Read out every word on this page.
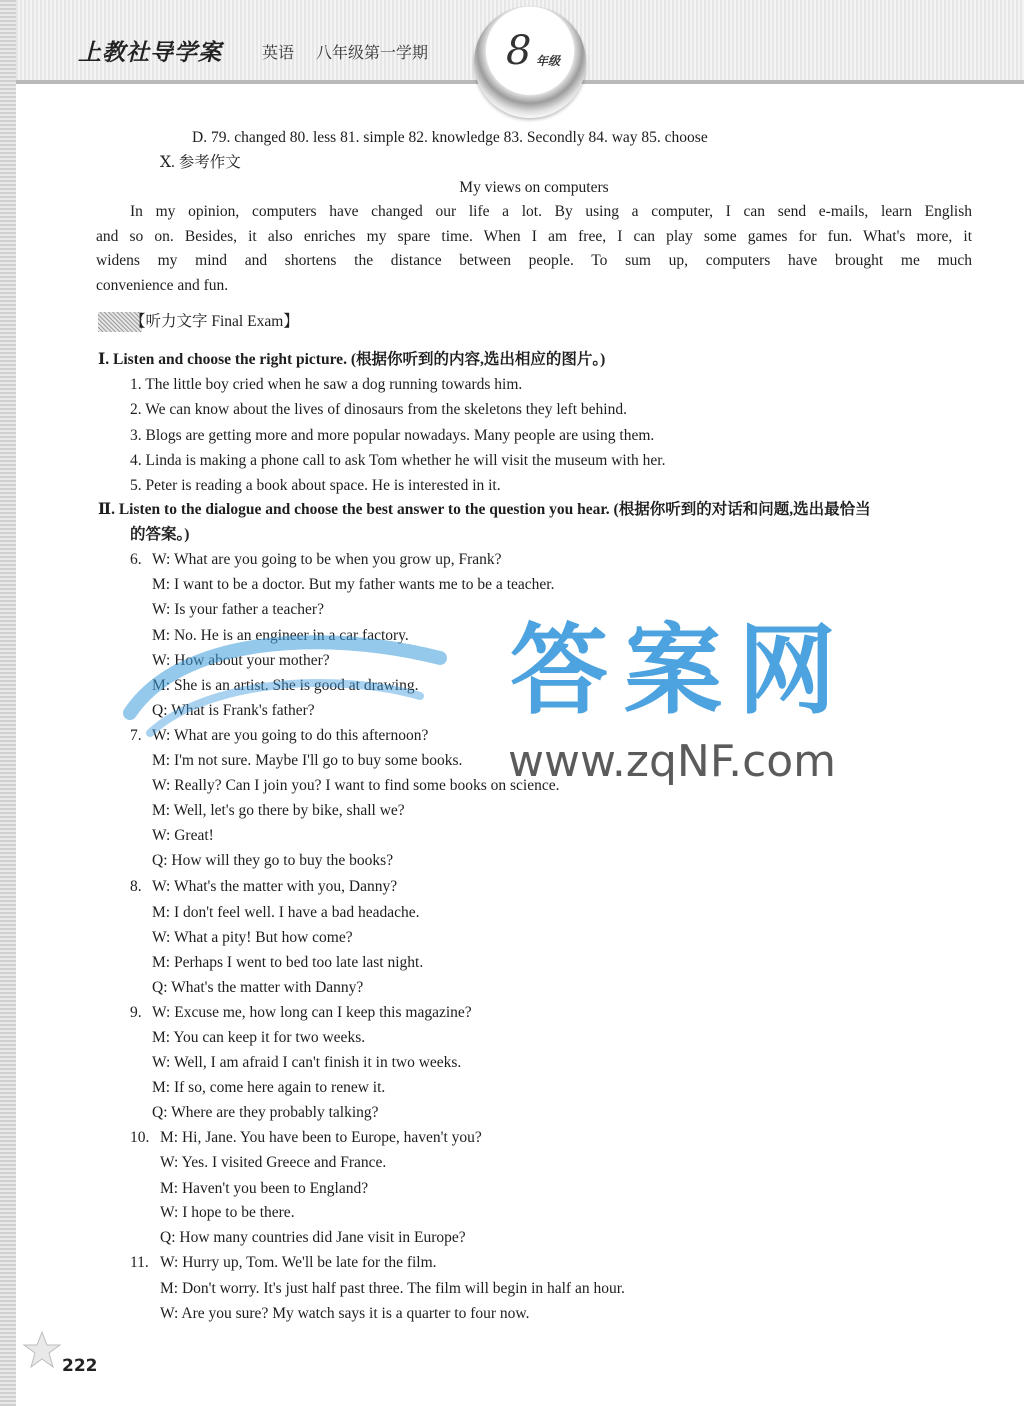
上教社导学案	英语 八年级第一学期 8 年级
D. 79. changed 80. less 81. simple 82. knowledge 83. Secondly 84. way 85. choose
Ⅹ. 参考作文
My views on computers
In my opinion, computers have changed our life a lot. By using a computer, I can send e-mails, learn English
and so on. Besides, it also enriches my spare time. When I am free, I can play some games for fun. What's more, it
widens my mind and shortens the distance between people. To sum up, computers have brought me much
convenience and fun.
【听力文字 Final Exam】
Ⅰ. Listen and choose the right picture. (根据你听到的内容,选出相应的图片。)
1. The little boy cried when he saw a dog running towards him.
2. We can know about the lives of dinosaurs from the skeletons they left behind.
3. Blogs are getting more and more popular nowadays. Many people are using them.
4. Linda is making a phone call to ask Tom whether he will visit the museum with her.
5. Peter is reading a book about space. He is interested in it.
Ⅱ. Listen to the dialogue and choose the best answer to the question you hear. (根据你听到的对话和问题,选出最恰当
的答案。)
6. W: What are you going to be when you grow up, Frank?
M: I want to be a doctor. But my father wants me to be a teacher.
W: Is your father a teacher?
M: No. He is an engineer in a car factory.
W: How about your mother?
M: She is an artist. She is good at drawing.
Q: What is Frank's father?
7. W: What are you going to do this afternoon?
M: I'm not sure. Maybe I'll go to buy some books.
W: Really? Can I join you? I want to find some books on science.
M: Well, let's go there by bike, shall we?
W: Great!
Q: How will they go to buy the books?
8. W: What's the matter with you, Danny?
M: I don't feel well. I have a bad headache.
W: What a pity! But how come?
M: Perhaps I went to bed too late last night.
Q: What's the matter with Danny?
9. W: Excuse me, how long can I keep this magazine?
M: You can keep it for two weeks.
W: Well, I am afraid I can't finish it in two weeks.
M: If so, come here again to renew it.
Q: Where are they probably talking?
10. M: Hi, Jane. You have been to Europe, haven't you?
W: Yes. I visited Greece and France.
M: Haven't you been to England?
W: I hope to be there.
Q: How many countries did Jane visit in Europe?
11. W: Hurry up, Tom. We'll be late for the film.
M: Don't worry. It's just half past three. The film will begin in half an hour.
W: Are you sure? My watch says it is a quarter to four now.
答案网
www.zqNF.com
222
